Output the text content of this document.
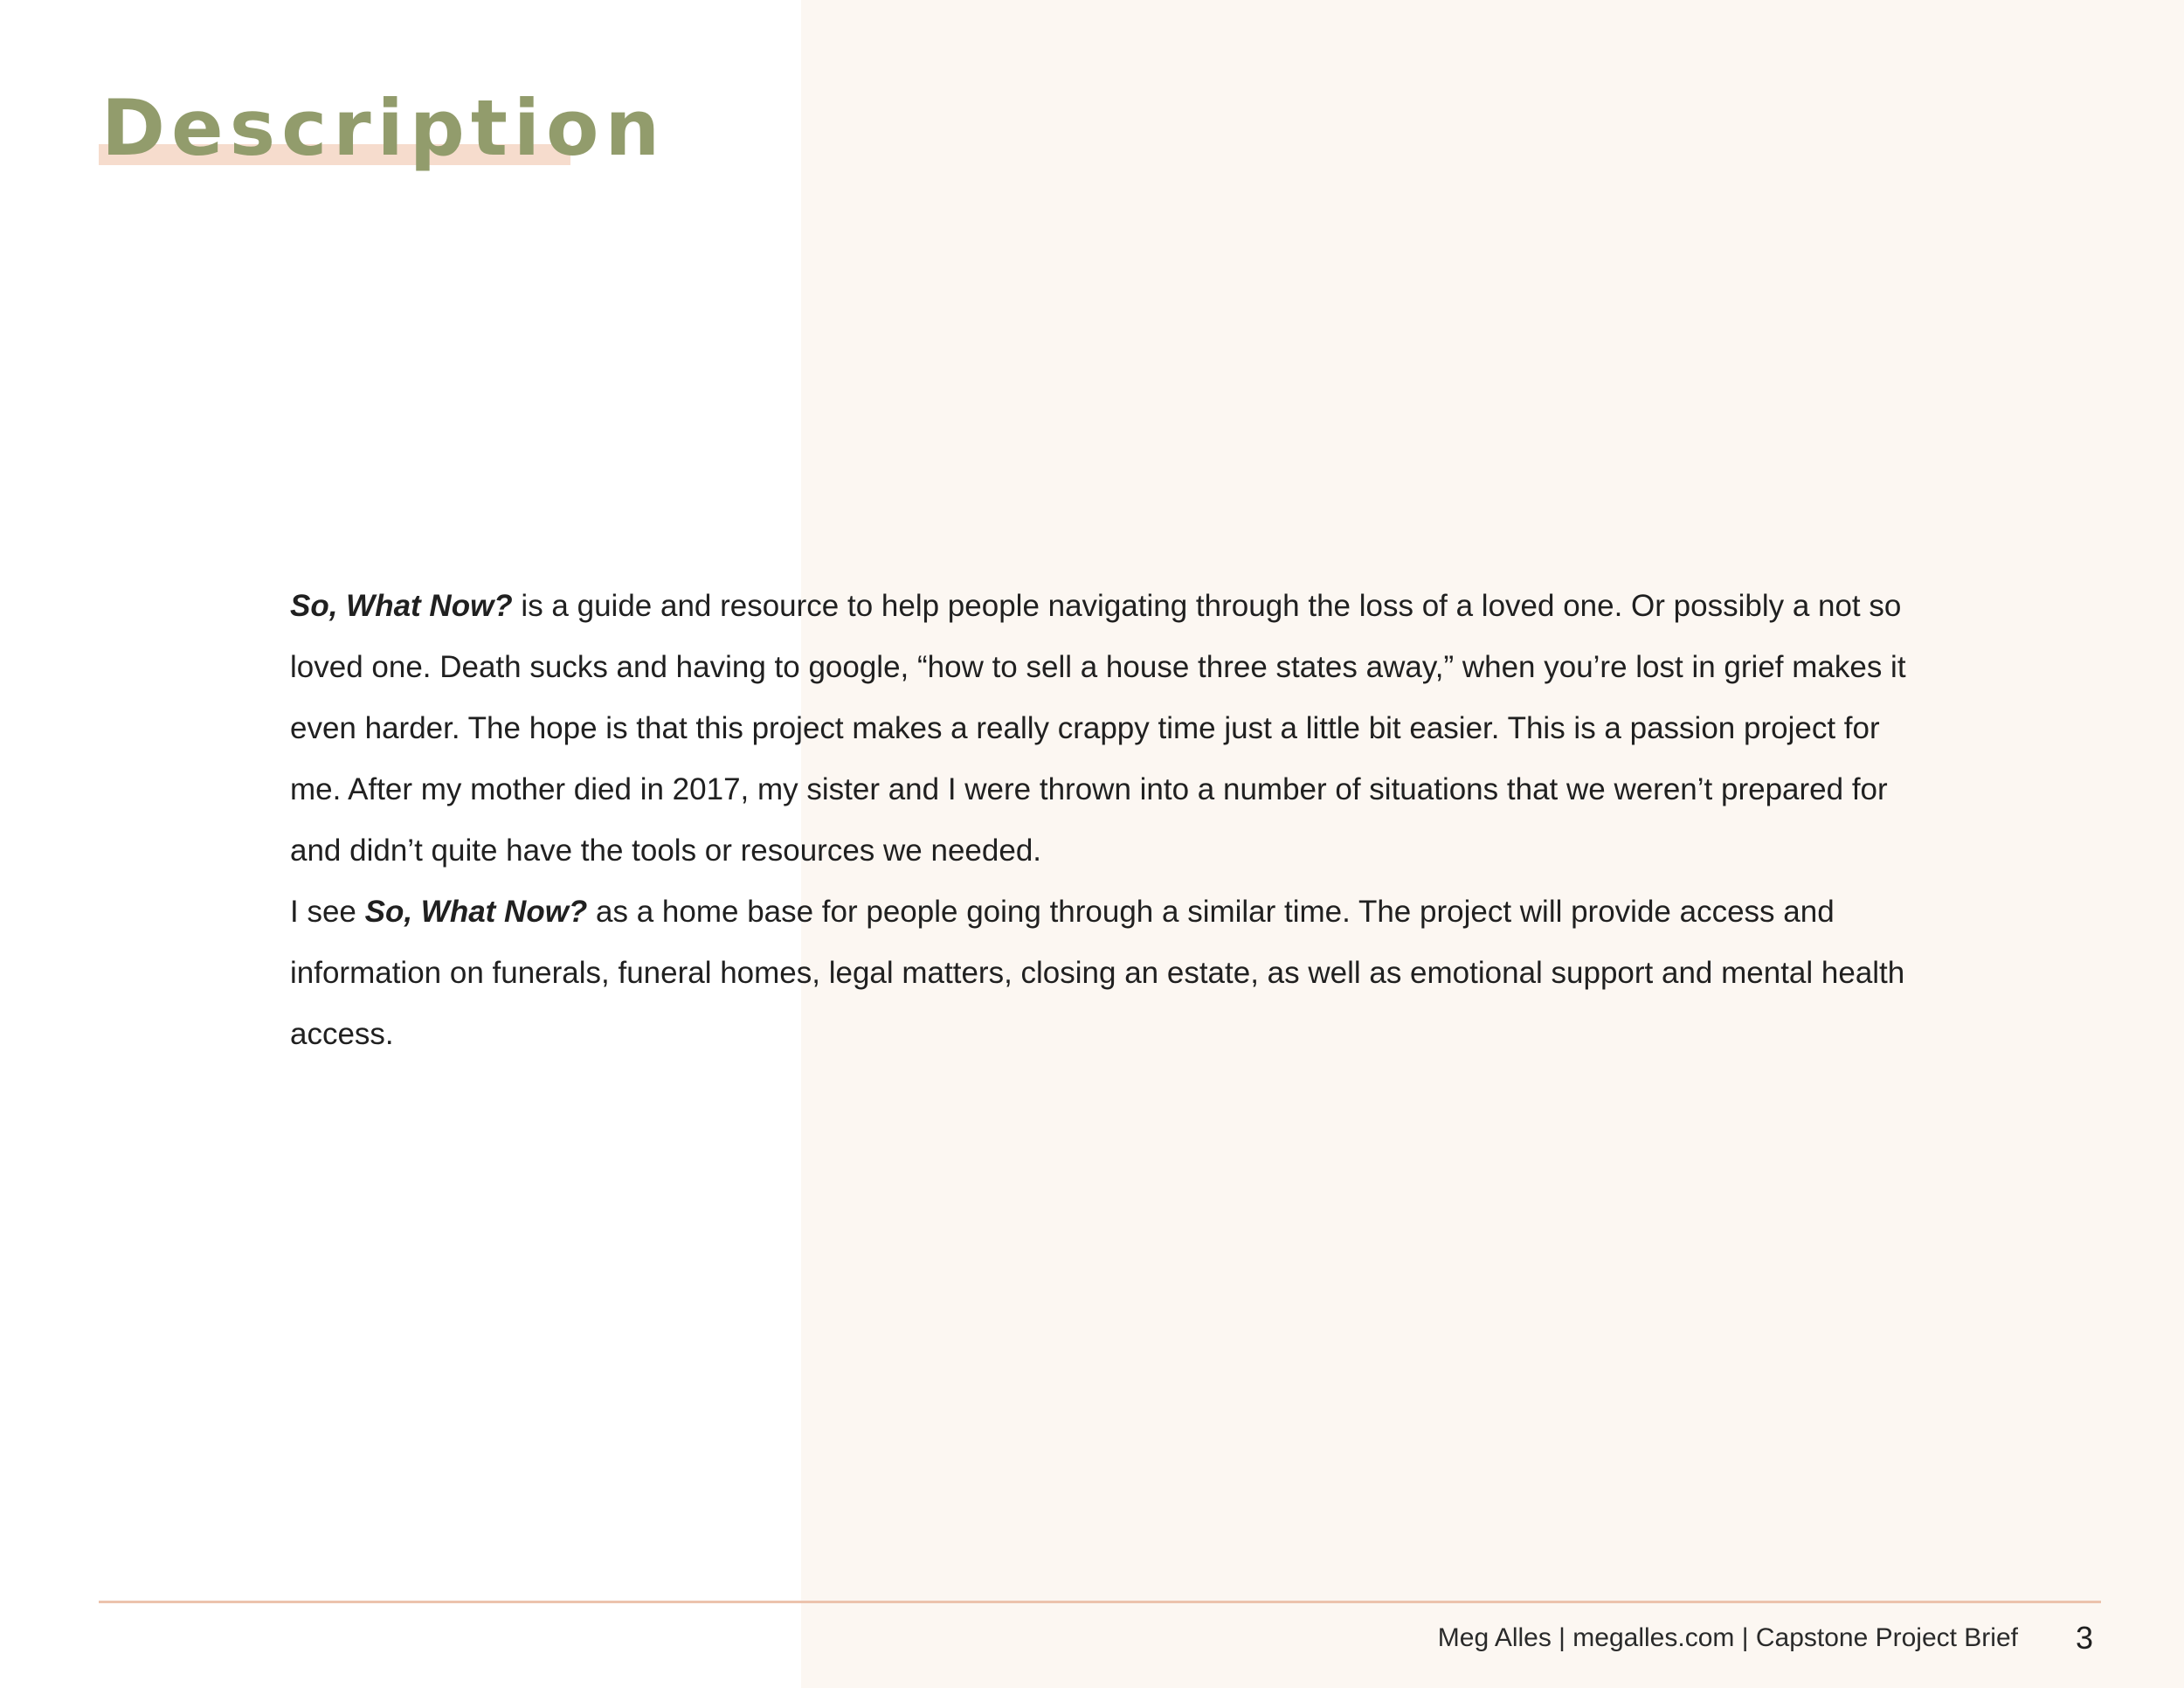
Description

So, What Now? is a guide and resource to help people navigating through the loss of a loved one. Or possibly a not so loved one. Death sucks and having to google, “how to sell a house three states away,” when you’re lost in grief makes it even harder. The hope is that this project makes a really crappy time just a little bit easier. This is a passion project for me. After my mother died in 2017, my sister and I were thrown into a number of situations that we weren’t prepared for and didn’t quite have the tools or resources we needed.
I see So, What Now? as a home base for people going through a similar time. The project will provide access and information on funerals, funeral homes, legal matters, closing an estate, as well as emotional support and mental health access.

Meg Alles | megalles.com | Capstone Project Brief 3
